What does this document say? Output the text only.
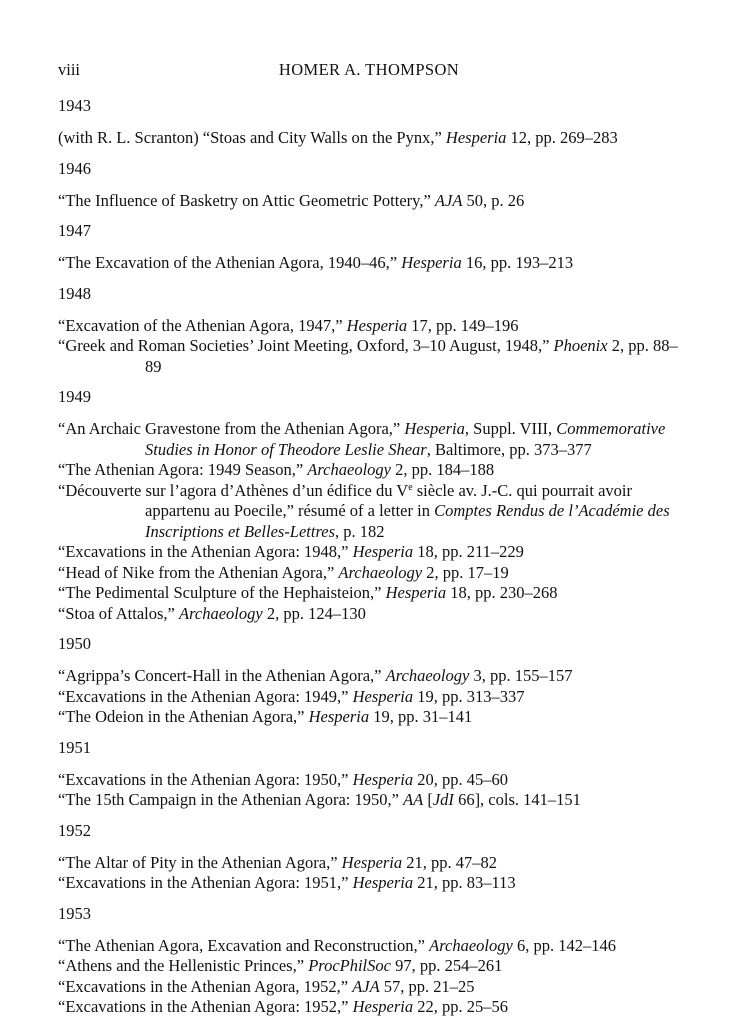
viii	HOMER A. THOMPSON
1943
(with R. L. Scranton) “Stoas and City Walls on the Pynx,” Hesperia 12, pp. 269–283
1946
“The Influence of Basketry on Attic Geometric Pottery,” AJA 50, p. 26
1947
“The Excavation of the Athenian Agora, 1940–46,” Hesperia 16, pp. 193–213
1948
“Excavation of the Athenian Agora, 1947,” Hesperia 17, pp. 149–196
“Greek and Roman Societies’ Joint Meeting, Oxford, 3–10 August, 1948,” Phoenix 2, pp. 88–89
1949
“An Archaic Gravestone from the Athenian Agora,” Hesperia, Suppl. VIII, Commemorative Studies in Honor of Theodore Leslie Shear, Baltimore, pp. 373–377
“The Athenian Agora: 1949 Season,” Archaeology 2, pp. 184–188
“Découverte sur l’agora d’Athènes d’un édifice du Ve siècle av. J.-C. qui pourrait avoir appartenu au Poecile,” résumé of a letter in Comptes Rendus de l’Académie des Inscriptions et Belles-Lettres, p. 182
“Excavations in the Athenian Agora: 1948,” Hesperia 18, pp. 211–229
“Head of Nike from the Athenian Agora,” Archaeology 2, pp. 17–19
“The Pedimental Sculpture of the Hephaisteion,” Hesperia 18, pp. 230–268
“Stoa of Attalos,” Archaeology 2, pp. 124–130
1950
“Agrippa’s Concert-Hall in the Athenian Agora,” Archaeology 3, pp. 155–157
“Excavations in the Athenian Agora: 1949,” Hesperia 19, pp. 313–337
“The Odeion in the Athenian Agora,” Hesperia 19, pp. 31–141
1951
“Excavations in the Athenian Agora: 1950,” Hesperia 20, pp. 45–60
“The 15th Campaign in the Athenian Agora: 1950,” AA [JdI 66], cols. 141–151
1952
“The Altar of Pity in the Athenian Agora,” Hesperia 21, pp. 47–82
“Excavations in the Athenian Agora: 1951,” Hesperia 21, pp. 83–113
1953
“The Athenian Agora, Excavation and Reconstruction,” Archaeology 6, pp. 142–146
“Athens and the Hellenistic Princes,” ProcPhilSoc 97, pp. 254–261
“Excavations in the Athenian Agora, 1952,” AJA 57, pp. 21–25
“Excavations in the Athenian Agora: 1952,” Hesperia 22, pp. 25–56
